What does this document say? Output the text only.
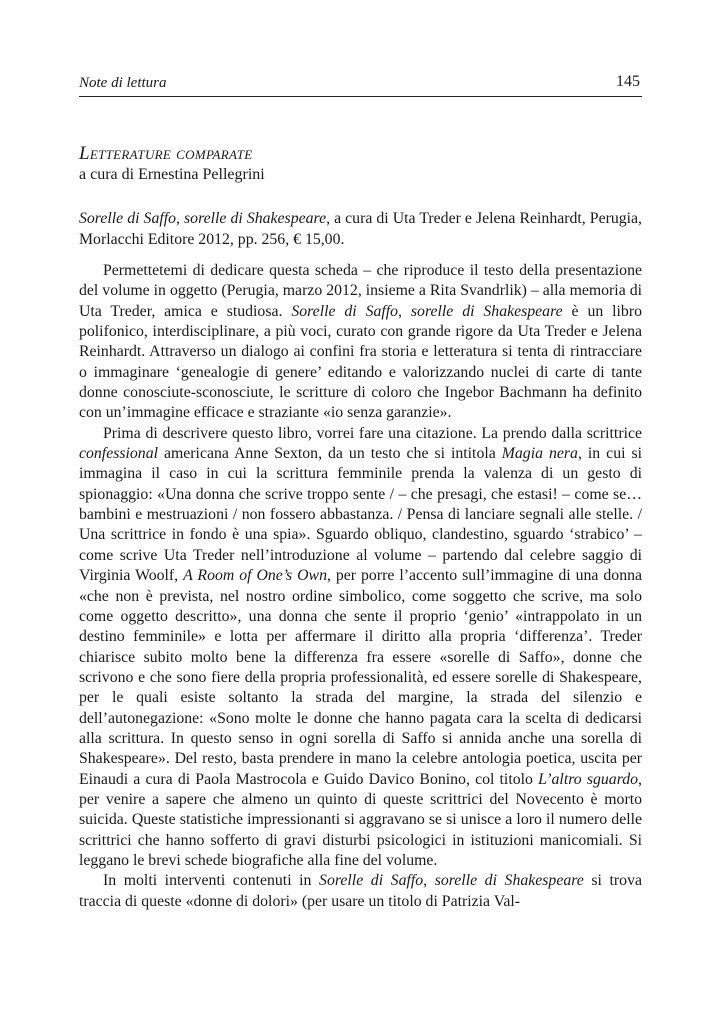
Note di lettura	145
Letterature comparate
a cura di Ernestina Pellegrini

Sorelle di Saffo, sorelle di Shakespeare, a cura di Uta Treder e Jelena Reinhardt, Perugia, Morlacchi Editore 2012, pp. 256, € 15,00.

Permettetemi di dedicare questa scheda – che riproduce il testo della presentazione del volume in oggetto (Perugia, marzo 2012, insieme a Rita Svandrlik) – alla memoria di Uta Treder, amica e studiosa. Sorelle di Saffo, sorelle di Shakespeare è un libro polifonico, interdisciplinare, a più voci, curato con grande rigore da Uta Treder e Jelena Reinhardt. Attraverso un dialogo ai confini fra storia e letteratura si tenta di rintracciare o immaginare ‘genealogie di genere’ editando e valorizzando nuclei di carte di tante donne conosciute-sconosciute, le scritture di coloro che Ingebor Bachmann ha definito con un’immagine efficace e straziante «io senza garanzie».

Prima di descrivere questo libro, vorrei fare una citazione. La prendo dalla scrittrice confessional americana Anne Sexton, da un testo che si intitola Magia nera, in cui si immagina il caso in cui la scrittura femminile prenda la valenza di un gesto di spionaggio: «Una donna che scrive troppo sente / – che presagi, che estasi! – come se… bambini e mestruazioni / non fossero abbastanza. / Pensa di lanciare segnali alle stelle. / Una scrittrice in fondo è una spia». Sguardo obliquo, clandestino, sguardo ‘strabico’ – come scrive Uta Treder nell’introduzione al volume – partendo dal celebre saggio di Virginia Woolf, A Room of One’s Own, per porre l’accento sull’immagine di una donna «che non è prevista, nel nostro ordine simbolico, come soggetto che scrive, ma solo come oggetto descritto», una donna che sente il proprio ‘genio’ «intrappolato in un destino femminile» e lotta per affermare il diritto alla propria ‘differenza’. Treder chiarisce subito molto bene la differenza fra essere «sorelle di Saffo», donne che scrivono e che sono fiere della propria professionalità, ed essere sorelle di Shakespeare, per le quali esiste soltanto la strada del margine, la strada del silenzio e dell’autonegazione: «Sono molte le donne che hanno pagata cara la scelta di dedicarsi alla scrittura. In questo senso in ogni sorella di Saffo si annida anche una sorella di Shakespeare». Del resto, basta prendere in mano la celebre antologia poetica, uscita per Einaudi a cura di Paola Mastrocola e Guido Davico Bonino, col titolo L’altro sguardo, per venire a sapere che almeno un quinto di queste scrittrici del Novecento è morto suicida. Queste statistiche impressionanti si aggravano se si unisce a loro il numero delle scrittrici che hanno sofferto di gravi disturbi psicologici in istituzioni manicomiali. Si leggano le brevi schede biografiche alla fine del volume.

In molti interventi contenuti in Sorelle di Saffo, sorelle di Shakespeare si trova traccia di queste «donne di dolori» (per usare un titolo di Patrizia Val-
